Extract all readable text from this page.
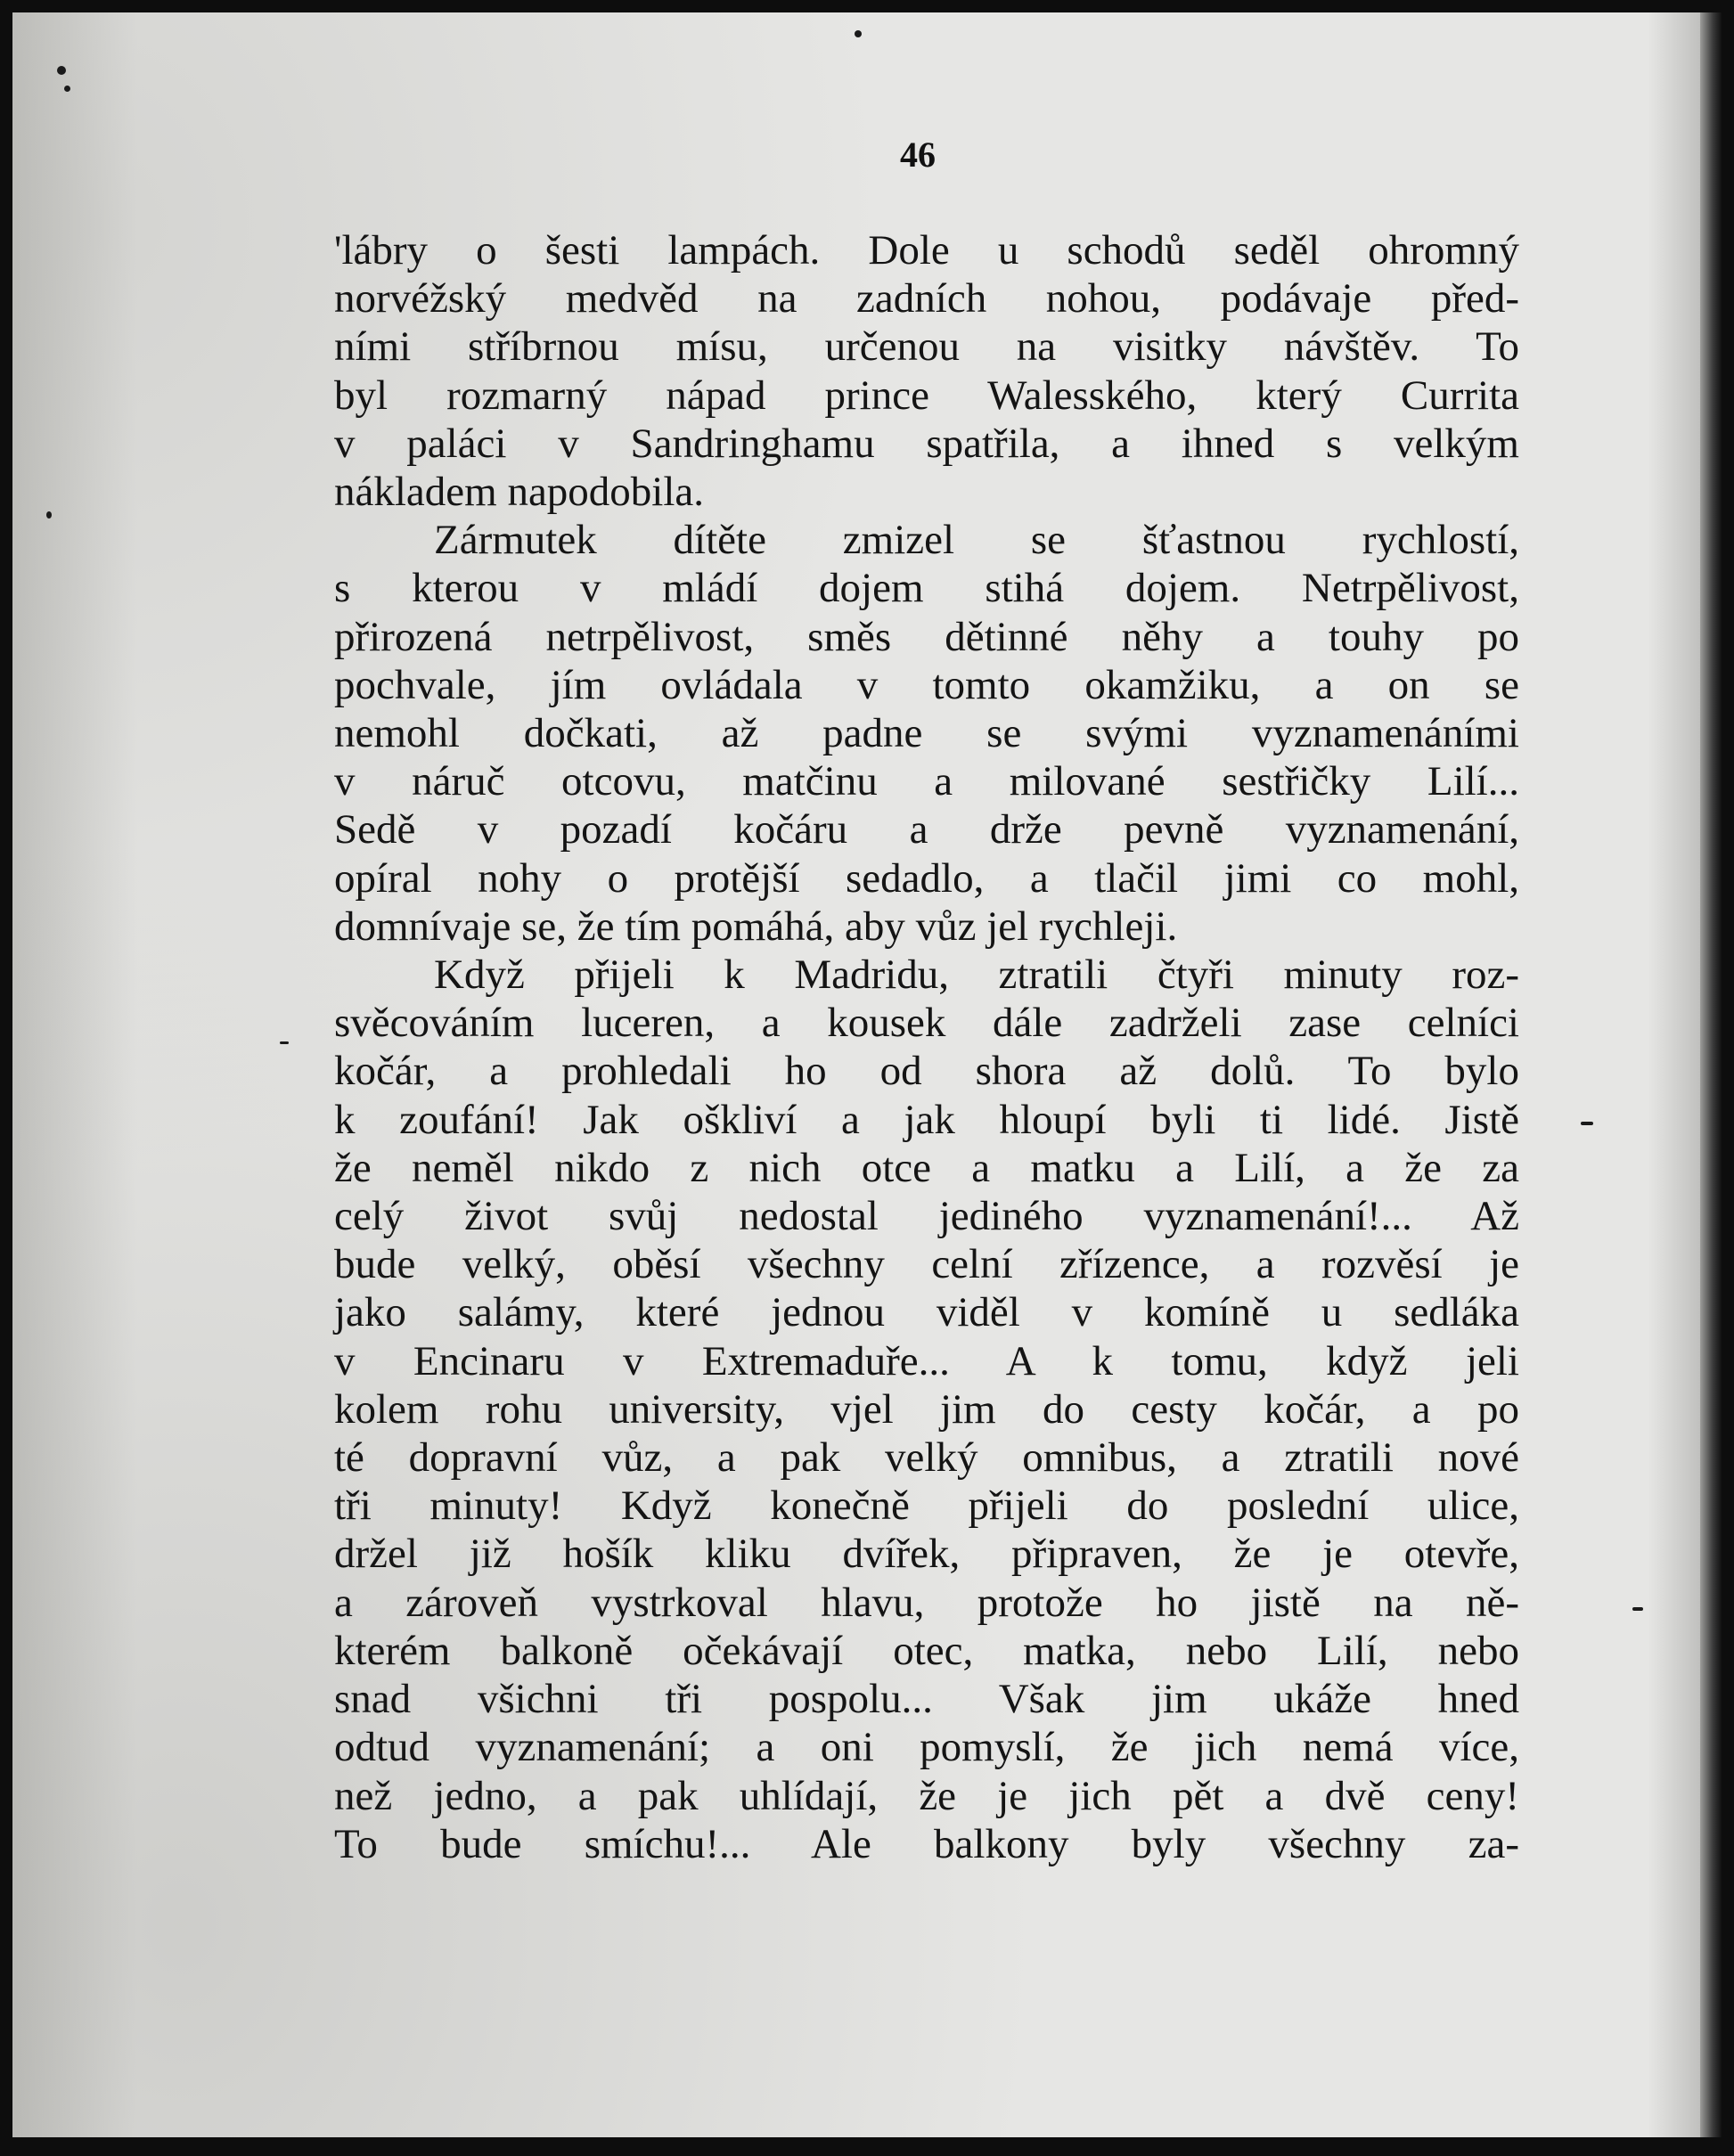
46
'lábry o šesti lampách. Dole u schodů seděl ohromný
norvéžský medvěd na zadních nohou, podávaje před-
ními stříbrnou mísu, určenou na visitky návštěv. To
byl rozmarný nápad prince Walesského, který Currita
v paláci v Sandringhamu spatřila, a ihned s velkým
nákladem napodobila.
Zármutek dítěte zmizel se šťastnou rychlostí,
s kterou v mládí dojem stihá dojem. Netrpělivost,
přirozená netrpělivost, směs dětinné něhy a touhy po
pochvale, jím ovládala v tomto okamžiku, a on se
nemohl dočkati, až padne se svými vyznamenáními
v náruč otcovu, matčinu a milované sestřičky Lilí...
Sedě v pozadí kočáru a drže pevně vyznamenání,
opíral nohy o protější sedadlo, a tlačil jimi co mohl,
domnívaje se, že tím pomáhá, aby vůz jel rychleji.
Když přijeli k Madridu, ztratili čtyři minuty roz-
svěcováním luceren, a kousek dále zadrželi zase celníci
kočár, a prohledali ho od shora až dolů. To bylo
k zoufání! Jak oškliví a jak hloupí byli ti lidé. Jistě
že neměl nikdo z nich otce a matku a Lilí, a že za
celý život svůj nedostal jediného vyznamenání!... Až
bude velký, oběsí všechny celní zřízence, a rozvěsí je
jako salámy, které jednou viděl v komíně u sedláka
v Encinaru v Extremaduře... A k tomu, když jeli
kolem rohu university, vjel jim do cesty kočár, a po
té dopravní vůz, a pak velký omnibus, a ztratili nové
tři minuty! Když konečně přijeli do poslední ulice,
držel již hošík kliku dvířek, připraven, že je otevře,
a zároveň vystrkoval hlavu, protože ho jistě na ně-
kterém balkoně očekávají otec, matka, nebo Lilí, nebo
snad všichni tři pospolu... Však jim ukáže hned
odtud vyznamenání; a oni pomyslí, že jich nemá více,
než jedno, a pak uhlídají, že je jich pět a dvě ceny!
To bude smíchu!... Ale balkony byly všechny za-
